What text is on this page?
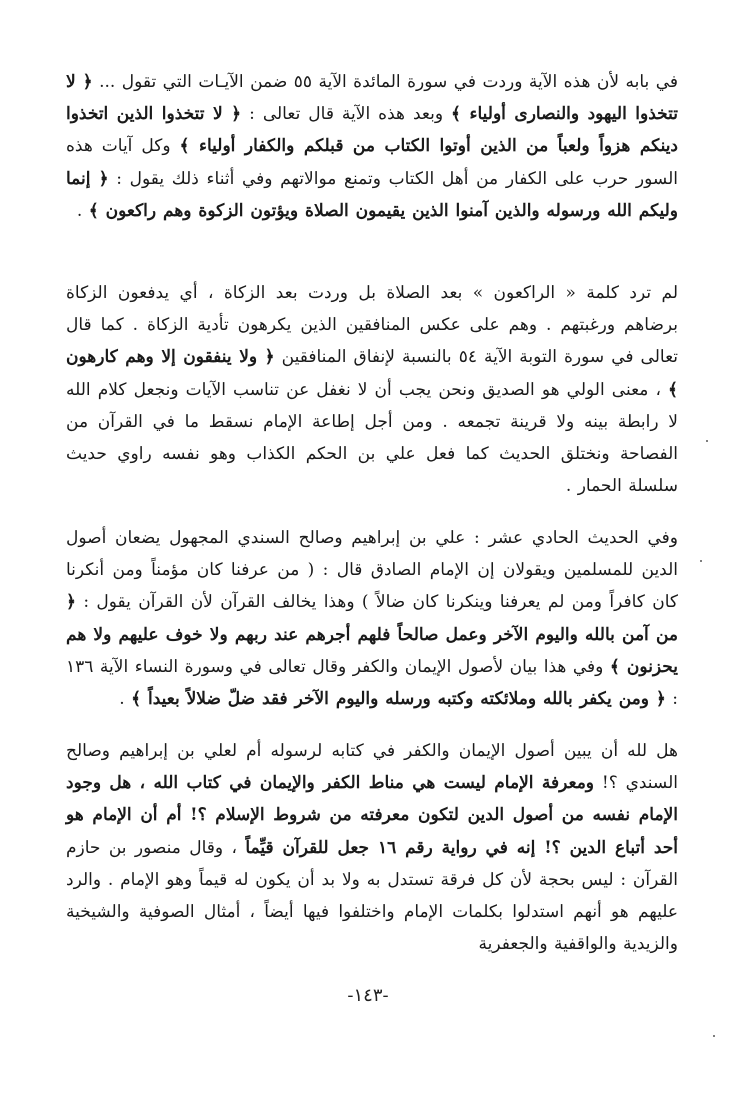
في بابه لأن هذه الآية وردت في سورة المائدة الآية ٥٥ ضمن الآيـات التي تقول ... ﴿ لا تتخذوا اليهود والنصارى أولياء ﴾ وبعد هذه الآية قال تعالى : ﴿ لا تتخذوا الذين اتخذوا دينكم هزواً ولعباً من الذين أوتوا الكتاب من قبلكم والكفار أولياء ﴾ وكل آيات هذه السور حرب على الكفار من أهل الكتاب وتمنع موالاتهم وفي أثناء ذلك يقول : ﴿ إنما وليكم الله ورسوله والذين آمنوا الذين يقيمون الصلاة ويؤتون الزكوة وهم راكعون ﴾ .
لم ترد كلمة « الراكعون » بعد الصلاة بل وردت بعد الزكاة ، أي يدفعون الزكاة برضاهم ورغبتهم . وهم على عكس المنافقين الذين يكرهون تأدية الزكاة . كما قال تعالى في سورة التوبة الآية ٥٤ بالنسبة لإنفاق المنافقين ﴿ ولا ينفقون إلا وهم كارهون ﴾ ، معنى الولي هو الصديق ونحن يجب أن لا نغفل عن تناسب الآيات ونجعل كلام الله لا رابطة بينه ولا قرينة تجمعه . ومن أجل إطاعة الإمام نسقط ما في القرآن من الفصاحة ونختلق الحديث كما فعل علي بن الحكم الكذاب وهو نفسه راوي حديث سلسلة الحمار .
وفي الحديث الحادي عشر : علي بن إبراهيم وصالح السندي المجهول يضعان أصول الدين للمسلمين ويقولان إن الإمام الصادق قال : ( من عرفنا كان مؤمناً ومن أنكرنا كان كافراً ومن لم يعرفنا وينكرنا كان ضالاً ) وهذا يخالف القرآن لأن القرآن يقول : ﴿ من آمن بالله واليوم الآخر وعمل صالحاً فلهم أجرهم عند ربهم ولا خوف عليهم ولا هم يحزنون ﴾ وفي هذا بيان لأصول الإيمان والكفر وقال تعالى في وسورة النساء الآية ١٣٦ : ﴿ ومن يكفر بالله وملائكته وكتبه ورسله واليوم الآخر فقد ضلّ ضلالاً بعيداً ﴾ .
هل لله أن يبين أصول الإيمان والكفر في كتابه لرسوله أم لعلي بن إبراهيم وصالح السندي ؟! ومعرفة الإمام ليست هي مناط الكفر والإيمان في كتاب الله ، هل وجود الإمام نفسه من أصول الدين لتكون معرفته من شروط الإسلام ؟! أم أن الإمام هو أحد أتباع الدين ؟! إنه في رواية رقم ١٦ جعل للقرآن قيِّماً ، وقال منصور بن حازم القرآن : ليس بحجة لأن كل فرقة تستدل به ولا بد أن يكون له قيماً وهو الإمام . والرد عليهم هو أنهم استدلوا بكلمات الإمام واختلفوا فيها أيضاً ، أمثال الصوفية والشيخية والزيدية والواقفية والجعفرية
-١٤٣-
